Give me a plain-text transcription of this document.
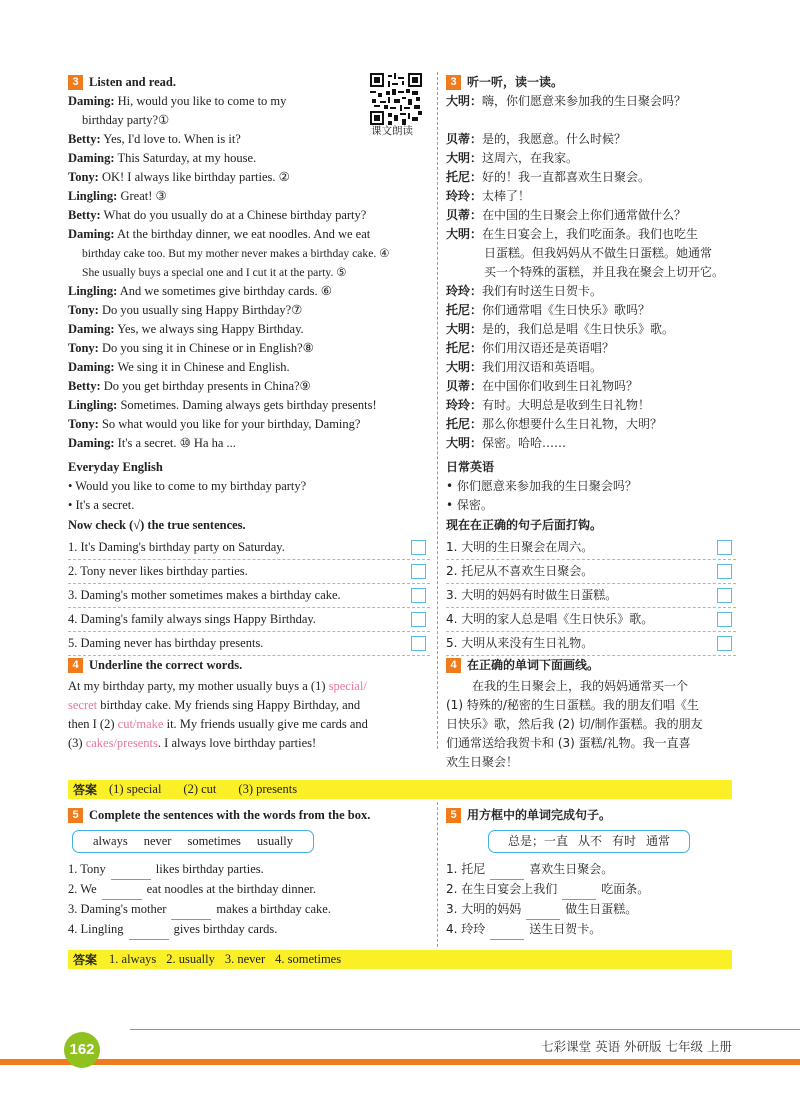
3 Listen and read.	3 听一听，读一读。
课文朗读
Daming: Hi, would you like to come to my
birthday party?①
Betty: Yes, I'd love to. When is it?
Daming: This Saturday, at my house.
Tony: OK! I always like birthday parties. ②
Lingling: Great! ③
Betty: What do you usually do at a Chinese birthday party?
Daming: At the birthday dinner, we eat noodles. And we eat
birthday cake too. But my mother never makes a birthday cake. ④
She usually buys a special one and I cut it at the party. ⑤
Lingling: And we sometimes give birthday cards. ⑥
Tony: Do you usually sing Happy Birthday?⑦
Daming: Yes, we always sing Happy Birthday.
Tony: Do you sing it in Chinese or in English?⑧
Daming: We sing it in Chinese and English.
Betty: Do you get birthday presents in China?⑨
Lingling: Sometimes. Daming always gets birthday presents!
Tony: So what would you like for your birthday, Daming?
Daming: It's a secret. ⑩ Ha ha ...
大明：嗨，你们愿意来参加我的生日聚会吗？
贝蒂：是的，我愿意。什么时候？
大明：这周六，在我家。
托尼：好的！我一直都喜欢生日聚会。
玲玲：太棒了！
贝蒂：在中国的生日聚会上你们通常做什么？
大明：在生日宴会上，我们吃面条。我们也吃生
日蛋糕。但我妈妈从不做生日蛋糕。她通常
买一个特殊的蛋糕，并且我在聚会上切开它。
玲玲：我们有时送生日贺卡。
托尼：你们通常唱《生日快乐》歌吗？
大明：是的，我们总是唱《生日快乐》歌。
托尼：你们用汉语还是英语唱？
大明：我们用汉语和英语唱。
贝蒂：在中国你们收到生日礼物吗？
玲玲：有时。大明总是收到生日礼物！
托尼：那么你想要什么生日礼物，大明？
大明：保密。哈哈……
Everyday English
• Would you like to come to my birthday party?
• It's a secret.
日常英语
• 你们愿意来参加我的生日聚会吗？
• 保密。
Now check (√) the true sentences.	现在在正确的句子后面打钩。
1. It's Daming's birthday party on Saturday.
2. Tony never likes birthday parties.
3. Daming's mother sometimes makes a birthday cake.
4. Daming's family always sings Happy Birthday.
5. Daming never has birthday presents.
1. 大明的生日聚会在周六。
2. 托尼从不喜欢生日聚会。
3. 大明的妈妈有时做生日蛋糕。
4. 大明的家人总是唱《生日快乐》歌。
5. 大明从来没有生日礼物。
4 Underline the correct words.	4 在正确的单词下面画线。
At my birthday party, my mother usually buys a (1) special/
secret birthday cake. My friends sing Happy Birthday, and
then I (2) cut/make it. My friends usually give me cards and
(3) cakes/presents. I always love birthday parties!
在我的生日聚会上，我的妈妈通常买一个
(1) 特殊的/秘密的生日蛋糕。我的朋友们唱《生
日快乐》歌，然后我 (2) 切/制作蛋糕。我的朋友
们通常送给我贺卡和 (3) 蛋糕/礼物。我一直喜
欢生日聚会！
答案 (1) special (2) cut (3) presents
5 Complete the sentences with the words from the box.	5 用方框中的单词完成句子。
always never sometimes usually	总是 ；一直 从不 有时 通常
1. Tony	likes birthday parties.
2. We	eat noodles at the birthday dinner.
3. Daming's mother	makes a birthday cake.
4. Lingling	gives birthday cards.
1. 托尼	喜欢生日聚会。
2. 在生日宴会上我们	吃面条。
3. 大明的妈妈	做生日蛋糕。
4. 玲玲	送生日贺卡。
答案 1. always 2. usually 3. never 4. sometimes
162	七彩课堂 英语 外研版 七年级 上册
